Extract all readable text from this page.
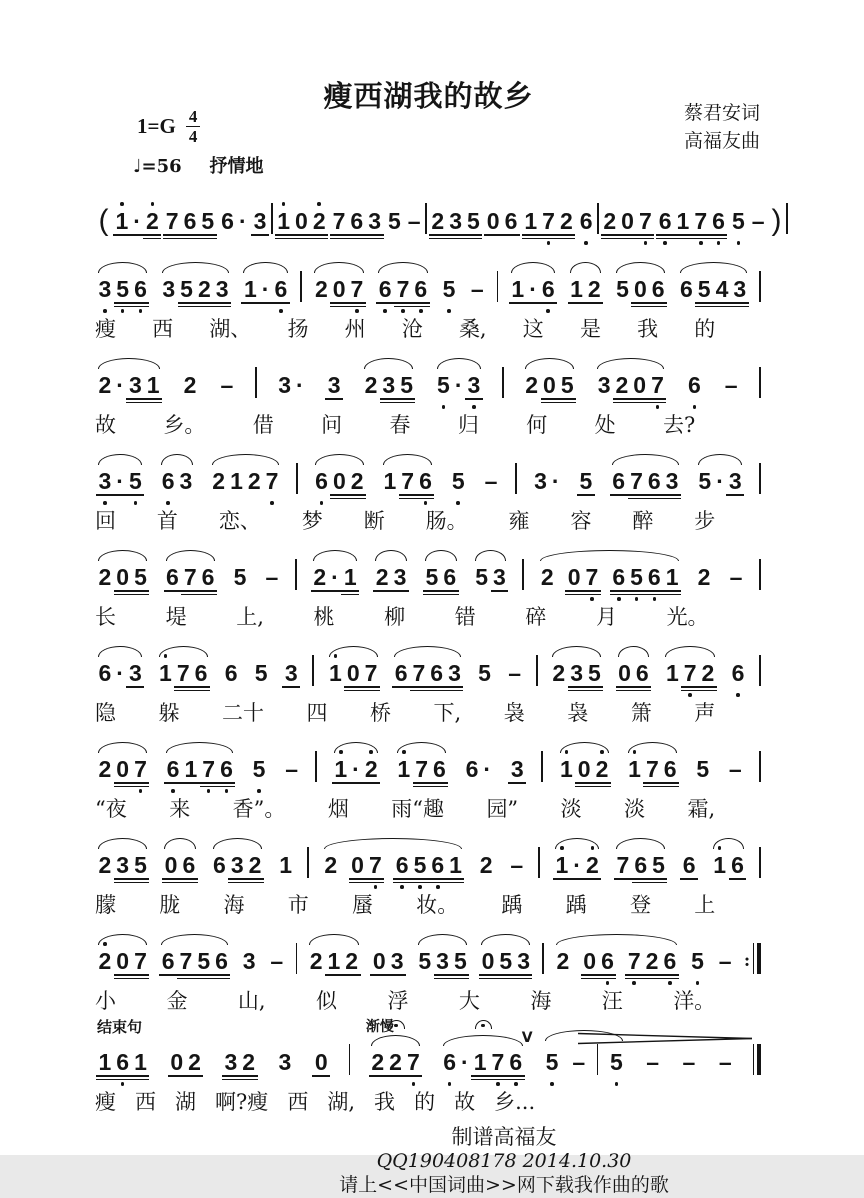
瘦西湖我的故乡
1=G 4
4
♩=56 抒情地
蔡君安词
高福友曲
( 1 · 2 7 6 5 6 · 3 1 0 2 7 6 3 5 – 2 3 5 0 6 1 7 2 6 2 0 7 6 1 7 6 5 – )
3 5 6 3 5 2 3 1 · 6 2 0 7 6 7 6 5 – 1 · 6 1 2 5 0 6 6 5 4 3
瘦 西 湖、 扬 州 沧 桑, 这 是 我 的
2 · 3 1 2 – 3 · 3 2 3 5 5 · 3 2 0 5 3 2 0 7 6 –
故 乡。 借 问 春 归 何 处 去?
3 · 5 6 3 2 1 2 7 6 0 2 1 7 6 5 – 3 · 5 6 7 6 3 5 · 3
回 首 恋、 梦 断 肠。 雍 容 醉 步
2 0 5 6 7 6 5 – 2 · 1 2 3 5 6 5 3 2 0 7 6 5 6 1 2 –
长 堤 上, 桃 柳 错 碎 月 光。
6 · 3 1 7 6 6 5 3 1 0 7 6 7 6 3 5 – 2 3 5 0 6 1 7 2 6
隐 躲 二十 四 桥 下, 袅 袅 箫 声
2 0 7 6 1 7 6 5 – 1 · 2 1 7 6 6 · 3 1 0 2 1 7 6 5 –
“夜 来 香”。 烟 雨“趣 园” 淡 淡 霜,
2 3 5 0 6 6 3 2 1 2 0 7 6 5 6 1 2 – 1 · 2 7 6 5 6 1 6
朦 胧 海 市 蜃 妆。 踽 踽 登 上
2 0 7 6 7 5 6 3 – 2 1 2 0 3 5 3 5 0 5 3 2 0 6 7 2 6 5 – :
小 金 山, 似 浮 大 海 汪 洋。
结束句
1 6 1 0 2 3 2 3 0
渐慢
2 2 7 6 · 1 7 6
V
5 – 5 – – –
瘦 西 湖 啊?瘦 西 湖, 我 的 故 乡...
制谱高福友
QQ190408178 2014.10.30
请上<<中国词曲>>网下载我作曲的歌
